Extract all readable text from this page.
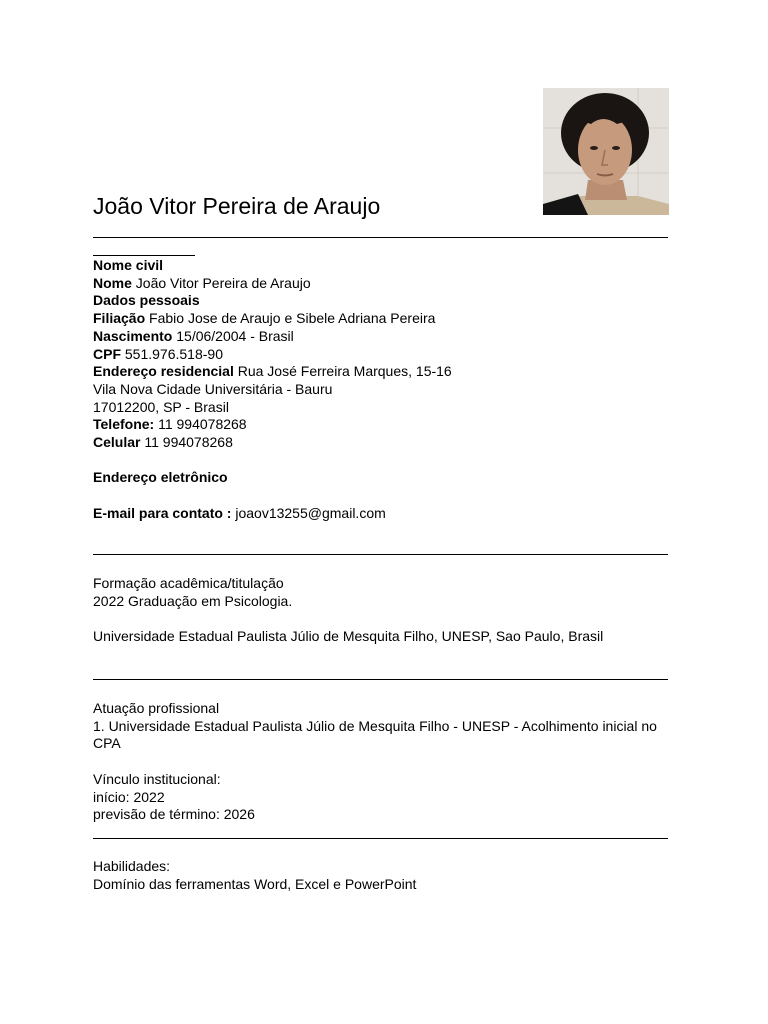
João Vitor Pereira de Araujo
Nome civil
Nome João Vitor Pereira de Araujo
Dados pessoais
Filiação Fabio Jose de Araujo e Sibele Adriana Pereira
Nascimento 15/06/2004 - Brasil
CPF 551.976.518-90
Endereço residencial Rua José Ferreira Marques, 15-16
Vila Nova Cidade Universitária - Bauru
17012200, SP - Brasil
Telefone: 11 994078268
Celular 11 994078268

Endereço eletrônico

E-mail para contato : joaov13255@gmail.com
Formação acadêmica/titulação
2022 Graduação em Psicologia.

Universidade Estadual Paulista Júlio de Mesquita Filho, UNESP, Sao Paulo, Brasil
Atuação profissional
1. Universidade Estadual Paulista Júlio de Mesquita Filho - UNESP - Acolhimento inicial no CPA

Vínculo institucional:
início: 2022
previsão de término: 2026
Habilidades:
Domínio das ferramentas Word, Excel e PowerPoint
